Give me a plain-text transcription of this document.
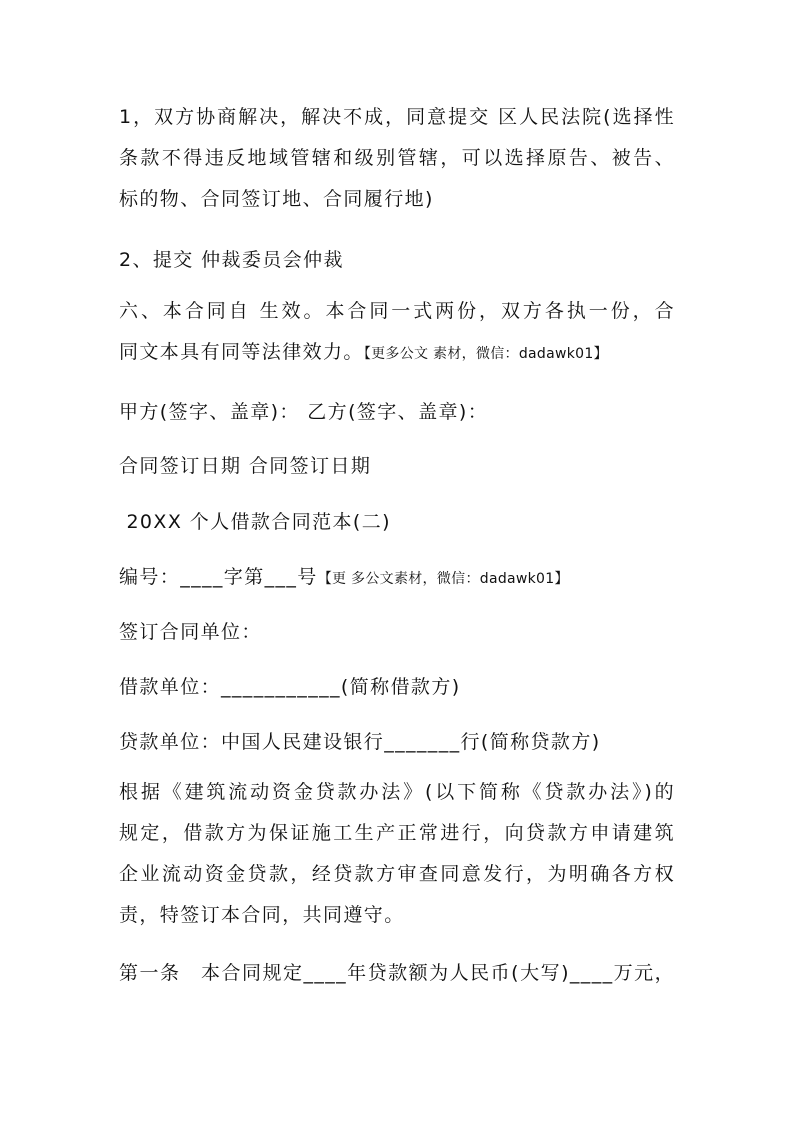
1，双方协商解决，解决不成，同意提交 区人民法院(选择性
条款不得违反地域管辖和级别管辖，可以选择原告、被告、
标的物、合同签订地、合同履行地)
2、提交 仲裁委员会仲裁
六、本合同自 生效。本合同一式两份，双方各执一份，合
同文本具有同等法律效力。【更多公文 素材，微信：dadawk01】
甲方(签字、盖章)： 乙方(签字、盖章)：
合同签订日期 合同签订日期
20XX 个人借款合同范本(二)
编号：____字第___号【更 多公文素材，微信：dadawk01】
签订合同单位：
借款单位：___________(简称借款方)
贷款单位：中国人民建设银行_______行(简称贷款方)
根据《建筑流动资金贷款办法》(以下简称《贷款办法》)的
规定，借款方为保证施工生产正常进行，向贷款方申请建筑
企业流动资金贷款，经贷款方审查同意发行，为明确各方权
责，特签订本合同，共同遵守。
第一条　本合同规定____年贷款额为人民币(大写)____万元，
